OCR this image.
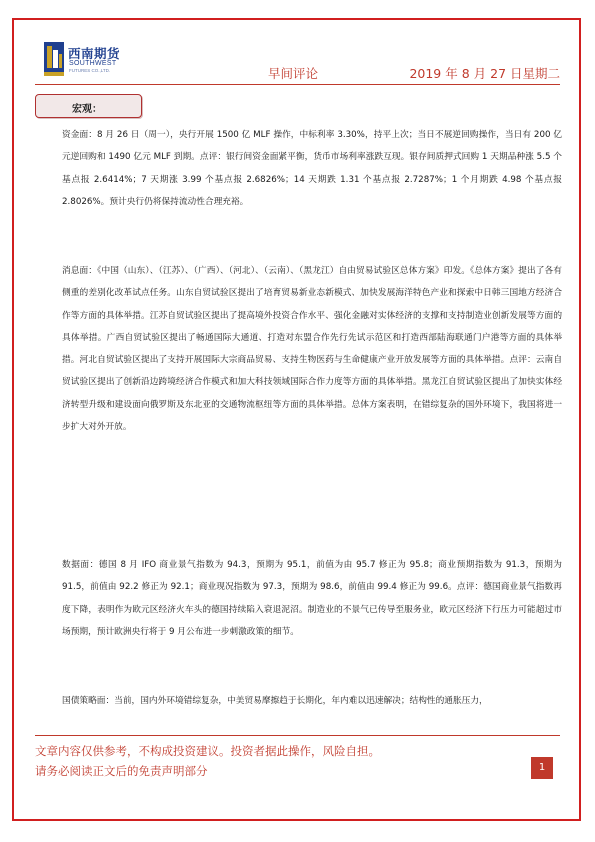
西南期货
SOUTHWEST
FUTURES CO.,LTD.	早间评论	2019 年 8 月 27 日星期二
宏观：
资金面：8 月 26 日（周一），央行开展 1500 亿 MLF 操作，中标利率 3.30%，持平上次；当日不展逆回购操作，当日有 200 亿元逆回购和 1490 亿元 MLF 到期。点评：银行间资金面紧平衡，货币市场利率涨跌互现。银存间质押式回购 1 天期品种涨 5.5 个基点报 2.6414%；7 天期涨 3.99 个基点报 2.6826%；14 天期跌 1.31 个基点报 2.7287%；1 个月期跌 4.98 个基点报 2.8026%。预计央行仍将保持流动性合理充裕。
消息面：《中国（山东）、（江苏）、（广西）、（河北）、（云南）、（黑龙江）自由贸易试验区总体方案》印发。《总体方案》提出了各有侧重的差别化改革试点任务。山东自贸试验区提出了培育贸易新业态新模式、加快发展海洋特色产业和探索中日韩三国地方经济合作等方面的具体举措。江苏自贸试验区提出了提高境外投资合作水平、强化金融对实体经济的支撑和支持制造业创新发展等方面的具体举措。广西自贸试验区提出了畅通国际大通道、打造对东盟合作先行先试示范区和打造西部陆海联通门户港等方面的具体举措。河北自贸试验区提出了支持开展国际大宗商品贸易、支持生物医药与生命健康产业开放发展等方面的具体举措。点评：云南自贸试验区提出了创新沿边跨境经济合作模式和加大科技领域国际合作力度等方面的具体举措。黑龙江自贸试验区提出了加快实体经济转型升级和建设面向俄罗斯及东北亚的交通物流枢纽等方面的具体举措。总体方案表明，在错综复杂的国外环境下，我国将进一步扩大对外开放。
数据面：德国 8 月 IFO 商业景气指数为 94.3，预期为 95.1，前值为由 95.7 修正为 95.8；商业预期指数为 91.3，预期为 91.5，前值由 92.2 修正为 92.1；商业现况指数为 97.3，预期为 98.6，前值由 99.4 修正为 99.6。点评：德国商业景气指数再度下降，表明作为欧元区经济火车头的德国持续陷入衰退泥沼。制造业的不景气已传导至服务业，欧元区经济下行压力可能超过市场预期，预计欧洲央行将于 9 月公布进一步刺激政策的细节。
国债策略面：当前，国内外环境错综复杂，中美贸易摩擦趋于长期化，年内难以迅速解决；结构性的通胀压力，
文章内容仅供参考，不构成投资建议。投资者据此操作，风险自担。
请务必阅读正文后的免责声明部分	1
